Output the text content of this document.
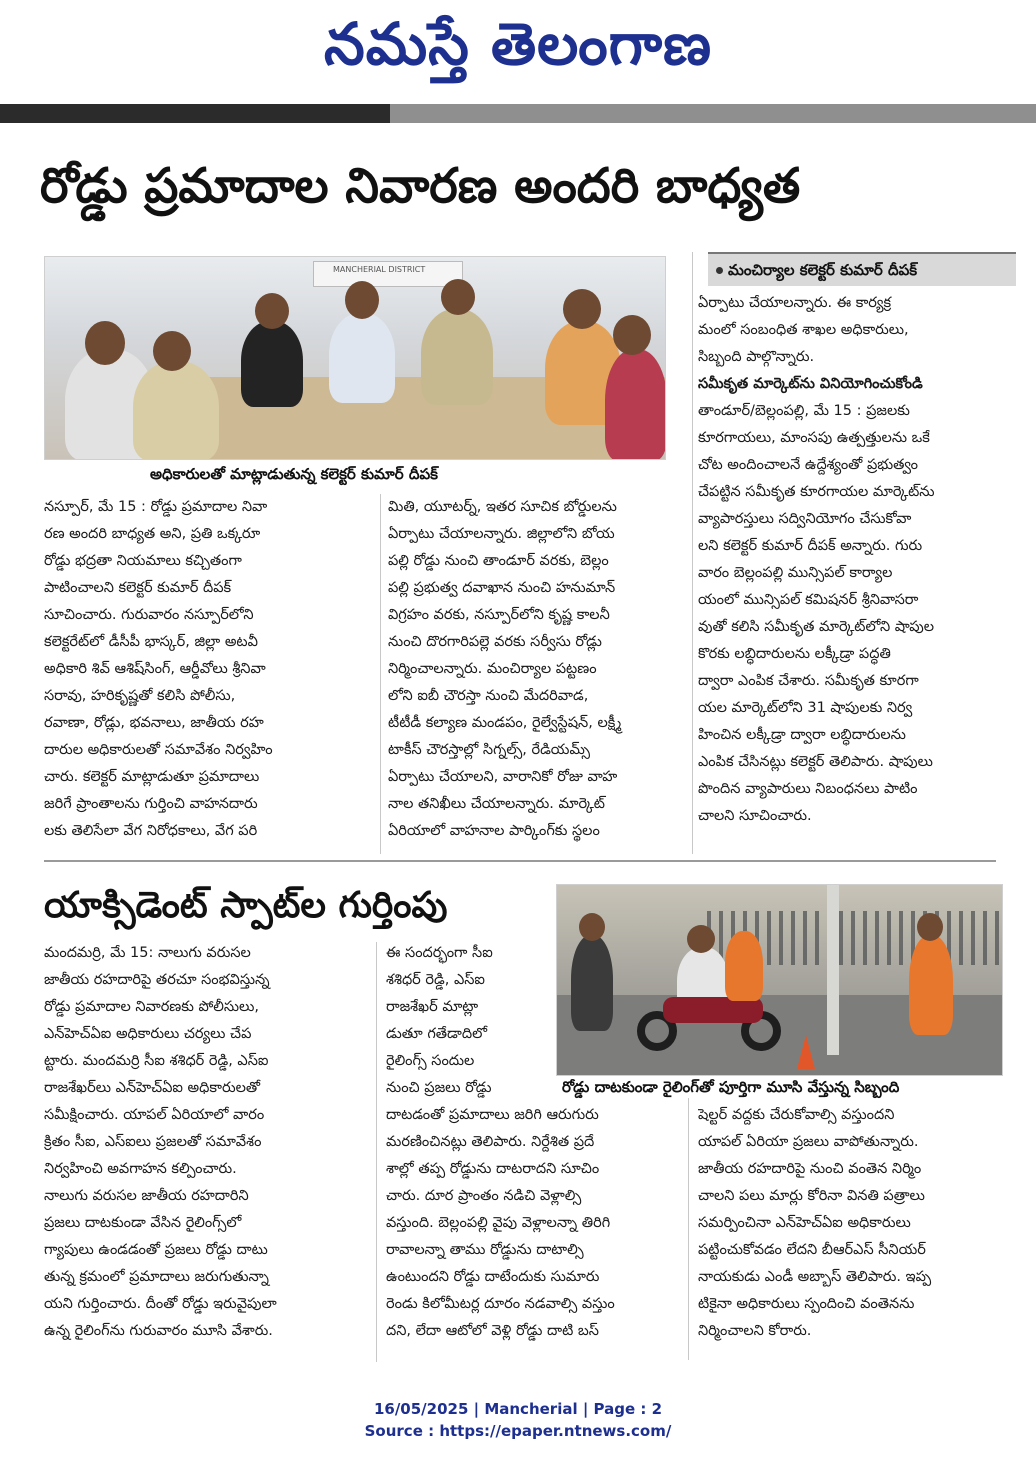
నమస్తే తెలంగాణ
రోడ్డు ప్రమాదాల నివారణ అందరి బాధ్యత
MANCHERIAL DISTRICT
అధికారులతో మాట్లాడుతున్న కలెక్టర్ కుమార్ దీపక్
మంచిర్యాల కలెక్టర్ కుమార్ దీపక్

నస్పూర్, మే 15 : రోడ్డు ప్రమాదాల నివా

రణ అందరి బాధ్యత అని, ప్రతి ఒక్కరూ

రోడ్డు భద్రతా నియమాలు కచ్చితంగా

పాటించాలని కలెక్టర్ కుమార్ దీపక్

సూచించారు. గురువారం నస్పూర్‌లోని

కలెక్టరేట్‌లో డీసీపీ భాస్కర్, జిల్లా అటవీ

అధికారి శివ్ ఆశిష్‌సింగ్, ఆర్డీవోలు శ్రీనివా

సరావు, హరికృష్ణతో కలిసి పోలీసు,

రవాణా, రోడ్లు, భవనాలు, జాతీయ రహ

దారుల అధికారులతో సమావేశం నిర్వహిం

చారు. కలెక్టర్ మాట్లాడుతూ ప్రమాదాలు

జరిగే ప్రాంతాలను గుర్తించి వాహనదారు

లకు తెలిసేలా వేగ నిరోధకాలు, వేగ పరి

మితి, యూటర్న్, ఇతర సూచిక బోర్డులను

ఏర్పాటు చేయాలన్నారు. జిల్లాలోని బోయ

పల్లి రోడ్డు నుంచి తాండూర్ వరకు, బెల్లం

పల్లి ప్రభుత్వ దవాఖాన నుంచి హనుమాన్

విగ్రహం వరకు, నస్పూర్‌లోని కృష్ణ కాలనీ

నుంచి దొరగారిపల్లె వరకు సర్వీసు రోడ్లు

నిర్మించాలన్నారు. మంచిర్యాల పట్టణం

లోని ఐబీ చౌరస్తా నుంచి మేదరివాడ,

టీటీడీ కల్యాణ మండపం, రైల్వేస్టేషన్, లక్ష్మీ

టాకీస్ చౌరస్తాల్లో సిగ్నల్స్, రేడియమ్స్

ఏర్పాటు చేయాలని, వారానికో రోజు వాహ

నాల తనిఖీలు చేయాలన్నారు. మార్కెట్

ఏరియాలో వాహనాల పార్కింగ్‌కు స్థలం

ఏర్పాటు చేయాలన్నారు. ఈ కార్యక్ర

మంలో సంబంధిత శాఖల అధికారులు,

సిబ్బంది పాల్గొన్నారు.

సమీకృత మార్కెట్‌ను వినియోగించుకోండి

తాండూర్/బెల్లంపల్లి, మే 15 : ప్రజలకు

కూరగాయలు, మాంసపు ఉత్పత్తులను ఒకే

చోట అందించాలనే ఉద్దేశ్యంతో ప్రభుత్వం

చేపట్టిన సమీకృత కూరగాయల మార్కెట్‌ను

వ్యాపారస్తులు సద్వినియోగం చేసుకోవా

లని కలెక్టర్ కుమార్ దీపక్ అన్నారు. గురు

వారం బెల్లంపల్లి మున్సిపల్ కార్యాల

యంలో మున్సిపల్ కమిషనర్ శ్రీనివాసరా

వుతో కలిసి సమీకృత మార్కెట్‌లోని షాపుల

కొరకు లబ్ధిదారులను లక్కీడ్రా పద్ధతి

ద్వారా ఎంపిక చేశారు. సమీకృత కూరగా

యల మార్కెట్‌లోని 31 షాపులకు నిర్వ

హించిన లక్కీడ్రా ద్వారా లబ్ధిదారులను

ఎంపిక చేసినట్లు కలెక్టర్ తెలిపారు. షాపులు

పొందిన వ్యాపారులు నిబంధనలు పాటిం

చాలని సూచించారు.

యాక్సిడెంట్ స్పాట్‌ల గుర్తింపు
రోడ్డు దాటకుండా రైలింగ్‌తో పూర్తిగా మూసి వేస్తున్న సిబ్బంది

మందమర్రి, మే 15: నాలుగు వరుసల

జాతీయ రహదారిపై తరచూ సంభవిస్తున్న

రోడ్డు ప్రమాదాల నివారణకు పోలీసులు,

ఎన్‌హెచ్‌ఏఐ అధికారులు చర్యలు చేప

ట్టారు. మందమర్రి సీఐ శశిధర్ రెడ్డి, ఎస్‌ఐ

రాజశేఖర్‌లు ఎన్‌హెచ్‌ఏఐ అధికారులతో

సమీక్షించారు. యాపల్ ఏరియాలో వారం

క్రితం సీఐ, ఎస్‌ఐలు ప్రజలతో సమావేశం

నిర్వహించి అవగాహన కల్పించారు.

నాలుగు వరుసల జాతీయ రహదారిని

ప్రజలు దాటకుండా వేసిన రైలింగ్స్‌లో

గ్యాపులు ఉండడంతో ప్రజలు రోడ్డు దాటు

తున్న క్రమంలో ప్రమాదాలు జరుగుతున్నా

యని గుర్తించారు. దీంతో రోడ్డు ఇరువైపులా

ఉన్న రైలింగ్‌ను గురువారం మూసి వేశారు.

ఈ సందర్భంగా సీఐ

శశిధర్ రెడ్డి, ఎస్‌ఐ

రాజశేఖర్ మాట్లా

డుతూ గతేడాదిలో

రైలింగ్స్ సందుల

నుంచి ప్రజలు రోడ్డు

దాటడంతో ప్రమాదాలు జరిగి ఆరుగురు

మరణించినట్లు తెలిపారు. నిర్దేశిత ప్రదే

శాల్లో తప్ప రోడ్డును దాటరాదని సూచిం

చారు. దూర ప్రాంతం నడిచి వెళ్లాల్సి

వస్తుంది. బెల్లంపల్లి వైపు వెళ్లాలన్నా తిరిగి

రావాలన్నా తాము రోడ్డును దాటాల్సి

ఉంటుందని రోడ్డు దాటేందుకు సుమారు

రెండు కిలోమీటర్ల దూరం నడవాల్సి వస్తుం

దని, లేదా ఆటోలో వెళ్లి రోడ్డు దాటి బస్

షెల్టర్ వద్దకు చేరుకోవాల్సి వస్తుందని

యాపల్ ఏరియా ప్రజలు వాపోతున్నారు.

జాతీయ రహదారిపై నుంచి వంతెన నిర్మిం

చాలని పలు మార్లు కోరినా వినతి పత్రాలు

సమర్పించినా ఎన్‌హెచ్‌ఏఐ అధికారులు

పట్టించుకోవడం లేదని బీఆర్‌ఎస్ సీనియర్

నాయకుడు ఎండీ అబ్బాస్ తెలిపారు. ఇప్ప

టికైనా అధికారులు స్పందించి వంతెనను

నిర్మించాలని కోరారు.

16/05/2025 | Mancherial | Page : 2
Source : https://epaper.ntnews.com/
